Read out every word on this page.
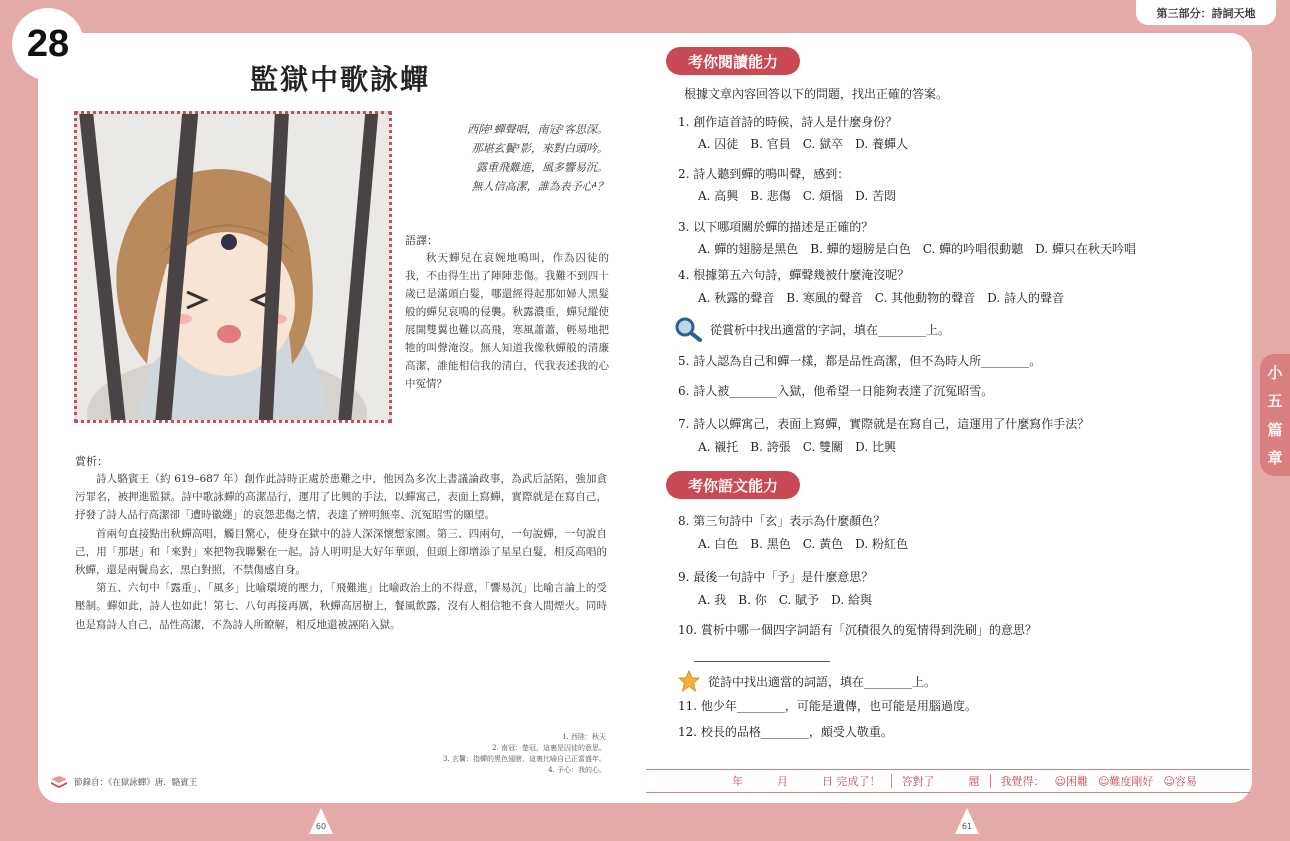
28
第三部分：詩詞天地
小
五
篇
章
監獄中歌詠蟬
西陸¹蟬聲唱，南冠²客思深。
那堪玄鬢³影，來對白頭吟。
露重飛難進，風多響易沉。
無人信高潔，誰為表予心⁴？
語譯：
秋天蟬兒在哀婉地鳴叫，作為囚徒的我，不由得生出了陣陣悲傷。我難不到四十歲已是滿頭白髮，哪還經得起那如婦人黑髮般的蟬兒哀鳴的侵襲。秋露濃重，蟬兒縱使展開雙翼也難以高飛，寒風蕭蕭，輕易地把牠的叫聲淹沒。無人知道我像秋蟬般的清廉高潔，誰能相信我的清白，代我表述我的心中冤情？
賞析：

詩人駱賓王（約 619–687 年）創作此詩時正處於患難之中，他因為多次上書議論政事，為武后話陷，強加貪污罪名，被押進監獄。詩中歌詠蟬的高潔品行，運用了比興的手法，以蟬寓己，表面上寫蟬，實際就是在寫自己，抒發了詩人品行高潔卻「遭時徽纆」的哀怨悲傷之情，表達了辨明無辜、沉冤昭雪的願望。

首兩句直接點出秋蟬高唱，觸目驚心，使身在獄中的詩人深深懷想家園。第三、四兩句，一句說蟬，一句說自己，用「那堪」和「來對」來把物我聯繫在一起。詩人明明是大好年華頭，但頭上卻增添了星星白髮，相反高唱的秋蟬，還是兩鬢烏玄，黑白對照，不禁傷感自身。

第五、六句中「露重」、「風多」比喻環境的壓力，「飛難進」比喻政治上的不得意，「響易沉」比喻言論上的受壓制。蟬如此，詩人也如此！第七、八句再接再厲，秋蟬高居樹上，餐風飲露，沒有人相信牠不食人間煙火。同時也是寫詩人自己，品性高潔，不為詩人所瞭解，相反地還被誣陷入獄。

1. 西陸：秋天
2. 南冠：楚冠，這裏是囚徒的意思。
3. 玄鬢：指蟬的黑色翅膀，這裏比喻自己正當盛年。
4. 予心：我的心。
節錄自：《在獄詠蟬》唐．駱賓王
60	61
考你閱讀能力
根據文章內容回答以下的問題，找出正確的答案。
1. 創作這首詩的時候，詩人是什麼身份？
A. 囚徒　B. 官員　C. 獄卒　D. 養蟬人
2. 詩人聽到蟬的鳴叫聲，感到：
A. 高興　B. 悲傷　C. 煩惱　D. 苦悶
3. 以下哪項關於蟬的描述是正確的？
A. 蟬的翅膀是黑色　B. 蟬的翅膀是白色　C. 蟬的吟唱很動聽　D. 蟬只在秋天吟唱
4. 根據第五六句詩，蟬聲幾被什麼淹沒呢？
A. 秋露的聲音　B. 寒風的聲音　C. 其他動物的聲音　D. 詩人的聲音
從賞析中找出適當的字詞，填在________上。
5. 詩人認為自己和蟬一樣，都是品性高潔，但不為時人所________。
6. 詩人被________入獄，他希望一日能夠表達了沉冤昭雪。
7. 詩人以蟬寓己，表面上寫蟬，實際就是在寫自己，這運用了什麼寫作手法？
A. 襯托　B. 誇張　C. 雙關　D. 比興
考你語文能力
8. 第三句詩中「玄」表示為什麼顏色？
A. 白色　B. 黑色　C. 黃色　D. 粉紅色
9. 最後一句詩中「予」是什麼意思？
A. 我　B. 你　C. 賦予　D. 給與
10. 賞析中哪一個四字詞語有「沉積很久的冤情得到洗刷」的意思？
從詩中找出適當的詞語，填在________上。
11. 他少年________，可能是遺傳，也可能是用腦過度。
12. 校長的品格________，頗受人敬重。
年	月	日 完成了！ 答對了	題 我覺得： ☺困難 ☺難度剛好 ☺容易
